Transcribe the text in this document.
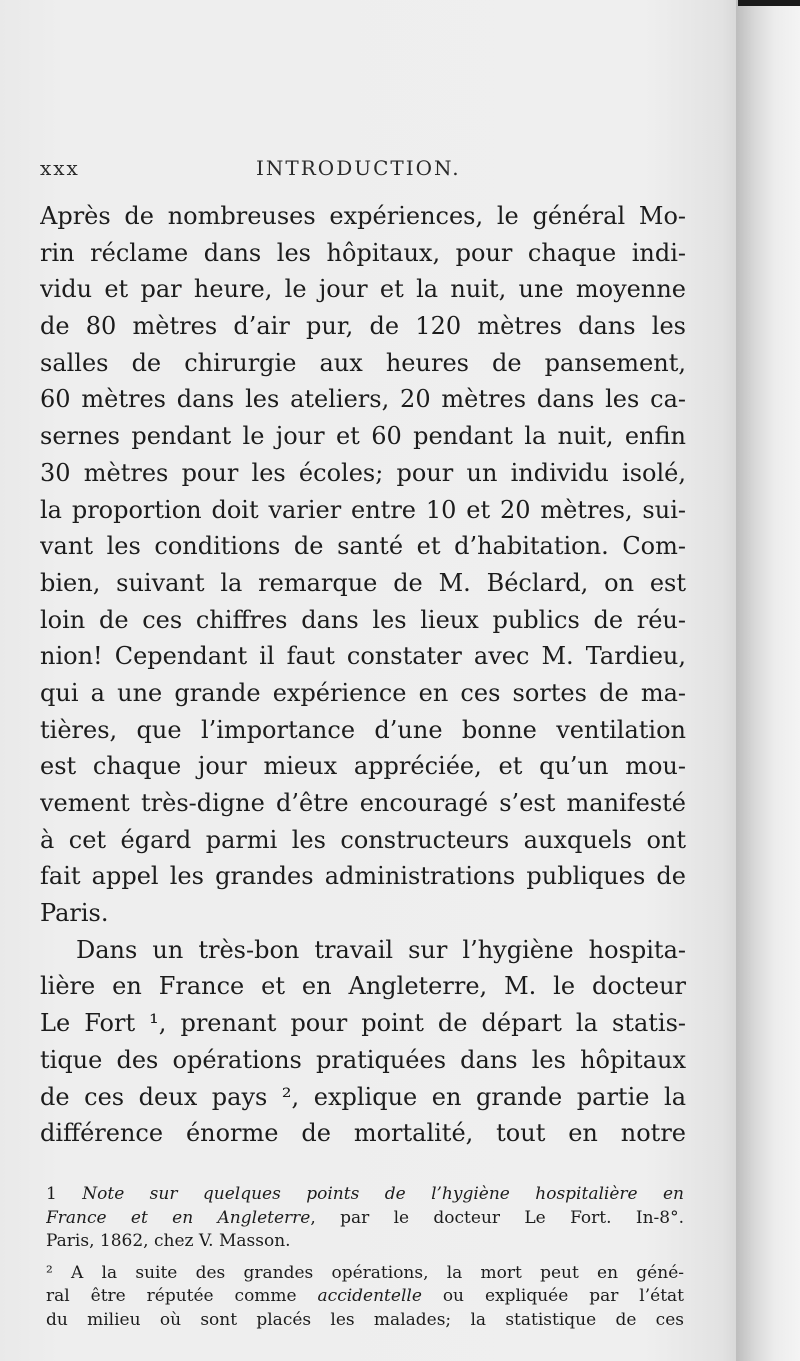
xxx	INTRODUCTION.
Après de nombreuses expériences, le général Mo-
rin réclame dans les hôpitaux, pour chaque indi-
vidu et par heure, le jour et la nuit, une moyenne
de 80 mètres d’air pur, de 120 mètres dans les
salles de chirurgie aux heures de pansement,
60 mètres dans les ateliers, 20 mètres dans les ca-
sernes pendant le jour et 60 pendant la nuit, enfin
30 mètres pour les écoles; pour un individu isolé,
la proportion doit varier entre 10 et 20 mètres, sui-
vant les conditions de santé et d’habitation. Com-
bien, suivant la remarque de M. Béclard, on est
loin de ces chiffres dans les lieux publics de réu-
nion! Cependant il faut constater avec M. Tardieu,
qui a une grande expérience en ces sortes de ma-
tières, que l’importance d’une bonne ventilation
est chaque jour mieux appréciée, et qu’un mou-
vement très-digne d’être encouragé s’est manifesté
à cet égard parmi les constructeurs auxquels ont
fait appel les grandes administrations publiques de
Paris.
Dans un très-bon travail sur l’hygiène hospita-
lière en France et en Angleterre, M. le docteur
Le Fort ¹, prenant pour point de départ la statis-
tique des opérations pratiquées dans les hôpitaux
de ces deux pays ², explique en grande partie la
différence énorme de mortalité, tout en notre
1 Note sur quelques points de l’hygiène hospitalière en
France et en Angleterre, par le docteur Le Fort. In-8°.
Paris, 1862, chez V. Masson.
² A la suite des grandes opérations, la mort peut en géné-
ral être réputée comme accidentelle ou expliquée par l’état
du milieu où sont placés les malades; la statistique de ces
